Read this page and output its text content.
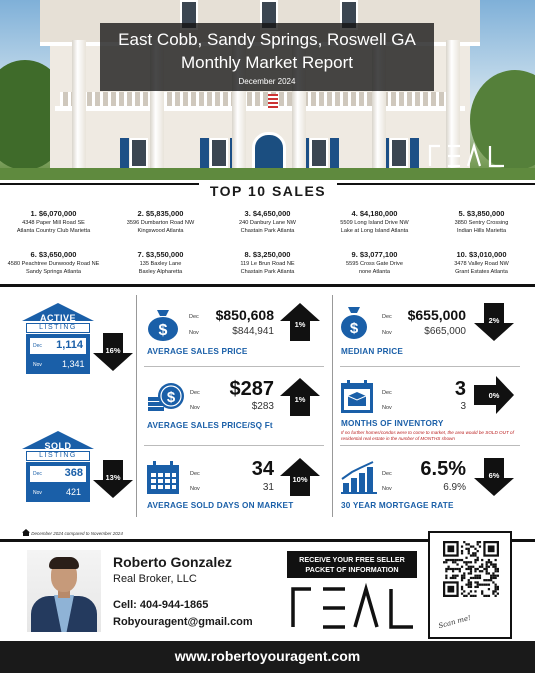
East Cobb, Sandy Springs, Roswell GA
Monthly Market Report
December 2024
TOP 10 SALES
1. $6,070,000
4348 Paper Mill Road SE
Atlanta Country Club Marietta
2. $5,835,000
3596 Dumbarton Road NW
Kingswood Atlanta
3. $4,650,000
240 Danbury Lane NW
Chastain Park Atlanta
4. $4,180,000
5509 Long Island Drive NW
Lake at Long Island Atlanta
5. $3,850,000
3850 Sentry Crossing
Indian Hills Marietta
6. $3,650,000
4580 Peachtree Dunwoody Road NE
Sandy Springs Atlanta
7. $3,550,000
135 Baxley Lane
Baxley Alpharetta
8. $3,250,000
119 Le Brun Road NE
Chastain Park Atlanta
9. $3,077,100
5595 Cross Gate Drive
none Atlanta
10. $3,010,000
3478 Valley Road NW
Grant Estates Atlanta
ACTIVE
LISTING
Dec 1,114
Nov 1,341
SOLD
LISTING
Dec 368
Nov	421
16%
13%
1%	2%
1%	0%
10%	6%
$
Dec	$850,608
Nov	$844,941
AVERAGE SALES PRICE
$
Dec	$655,000
Nov	$665,000
MEDIAN PRICE
$	Dec	$287
Nov	$283
AVERAGE SALES PRICE/SQ Ft
Dec	3
Nov	3
MONTHS OF INVENTORY
If no further homes/condos were to come to market, the area would be SOLD OUT of residential real estate in the number of MONTHS shown
Dec	34
Nov	31
AVERAGE SOLD DAYS ON MARKET
Dec	6.5%
Nov	6.9%
30 YEAR MORTGAGE RATE
December 2024 compared to November 2024
Roberto Gonzalez
Real Broker, LLC
Cell: 404-944-1865
Robyouragent@gmail.com
RECEIVE YOUR FREE SELLER
PACKET OF INFORMATION
Scan me!
www.robertoyouragent.com
